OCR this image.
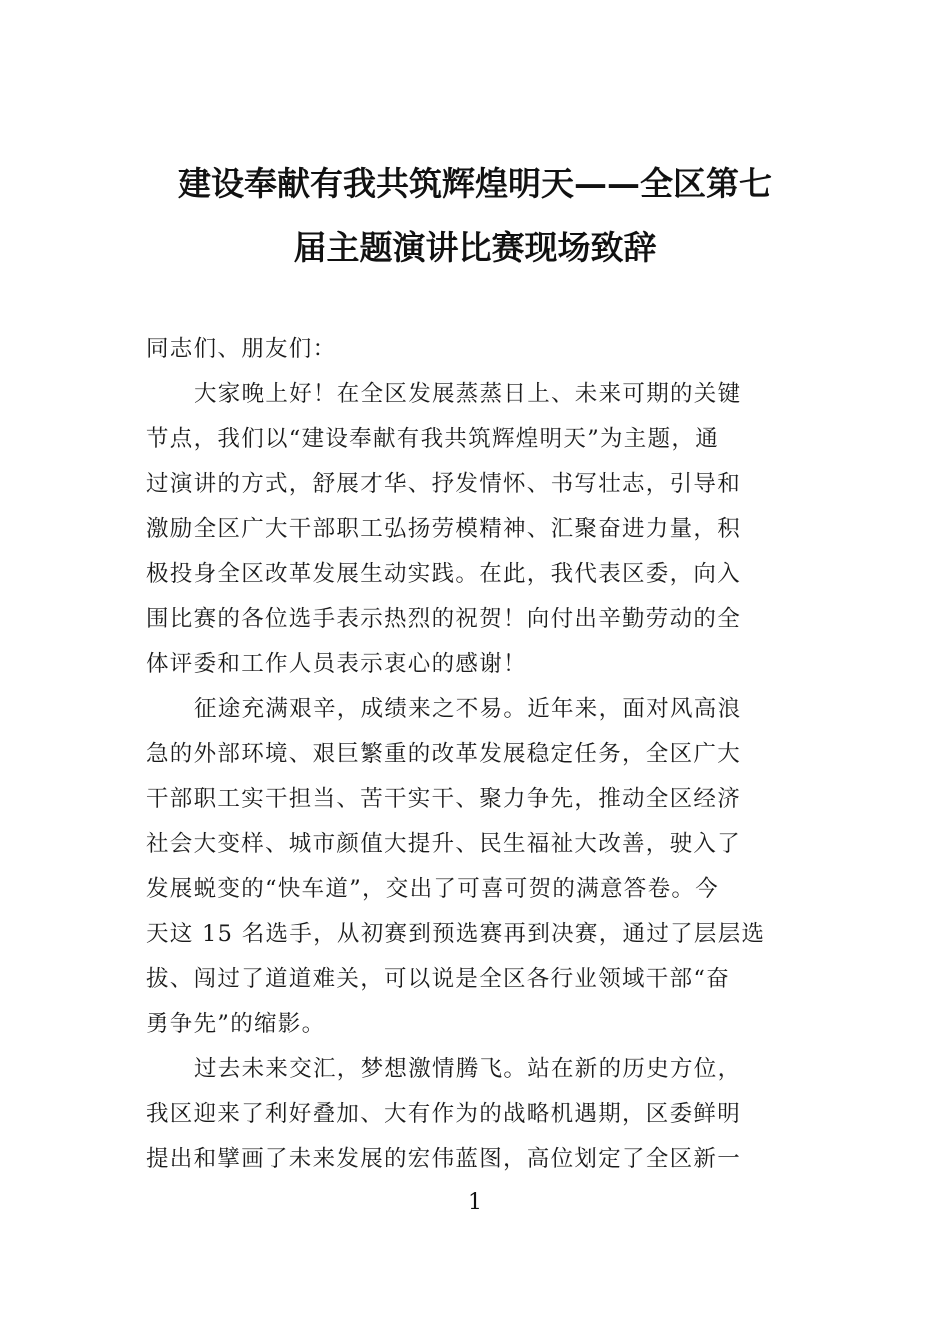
建设奉献有我共筑辉煌明天——全区第七
届主题演讲比赛现场致辞
同志们、朋友们：
大家晚上好！在全区发展蒸蒸日上、未来可期的关键
节点，我们以“建设奉献有我共筑辉煌明天”为主题，通
过演讲的方式，舒展才华、抒发情怀、书写壮志，引导和
激励全区广大干部职工弘扬劳模精神、汇聚奋进力量，积
极投身全区改革发展生动实践。在此，我代表区委，向入
围比赛的各位选手表示热烈的祝贺！向付出辛勤劳动的全
体评委和工作人员表示衷心的感谢！
征途充满艰辛，成绩来之不易。近年来，面对风高浪
急的外部环境、艰巨繁重的改革发展稳定任务，全区广大
干部职工实干担当、苦干实干、聚力争先，推动全区经济
社会大变样、城市颜值大提升、民生福祉大改善，驶入了
发展蜕变的“快车道”，交出了可喜可贺的满意答卷。今
天这 15 名选手，从初赛到预选赛再到决赛，通过了层层选
拔、闯过了道道难关，可以说是全区各行业领域干部“奋
勇争先”的缩影。
过去未来交汇，梦想激情腾飞。站在新的历史方位，
我区迎来了利好叠加、大有作为的战略机遇期，区委鲜明
提出和擘画了未来发展的宏伟蓝图，高位划定了全区新一
1
